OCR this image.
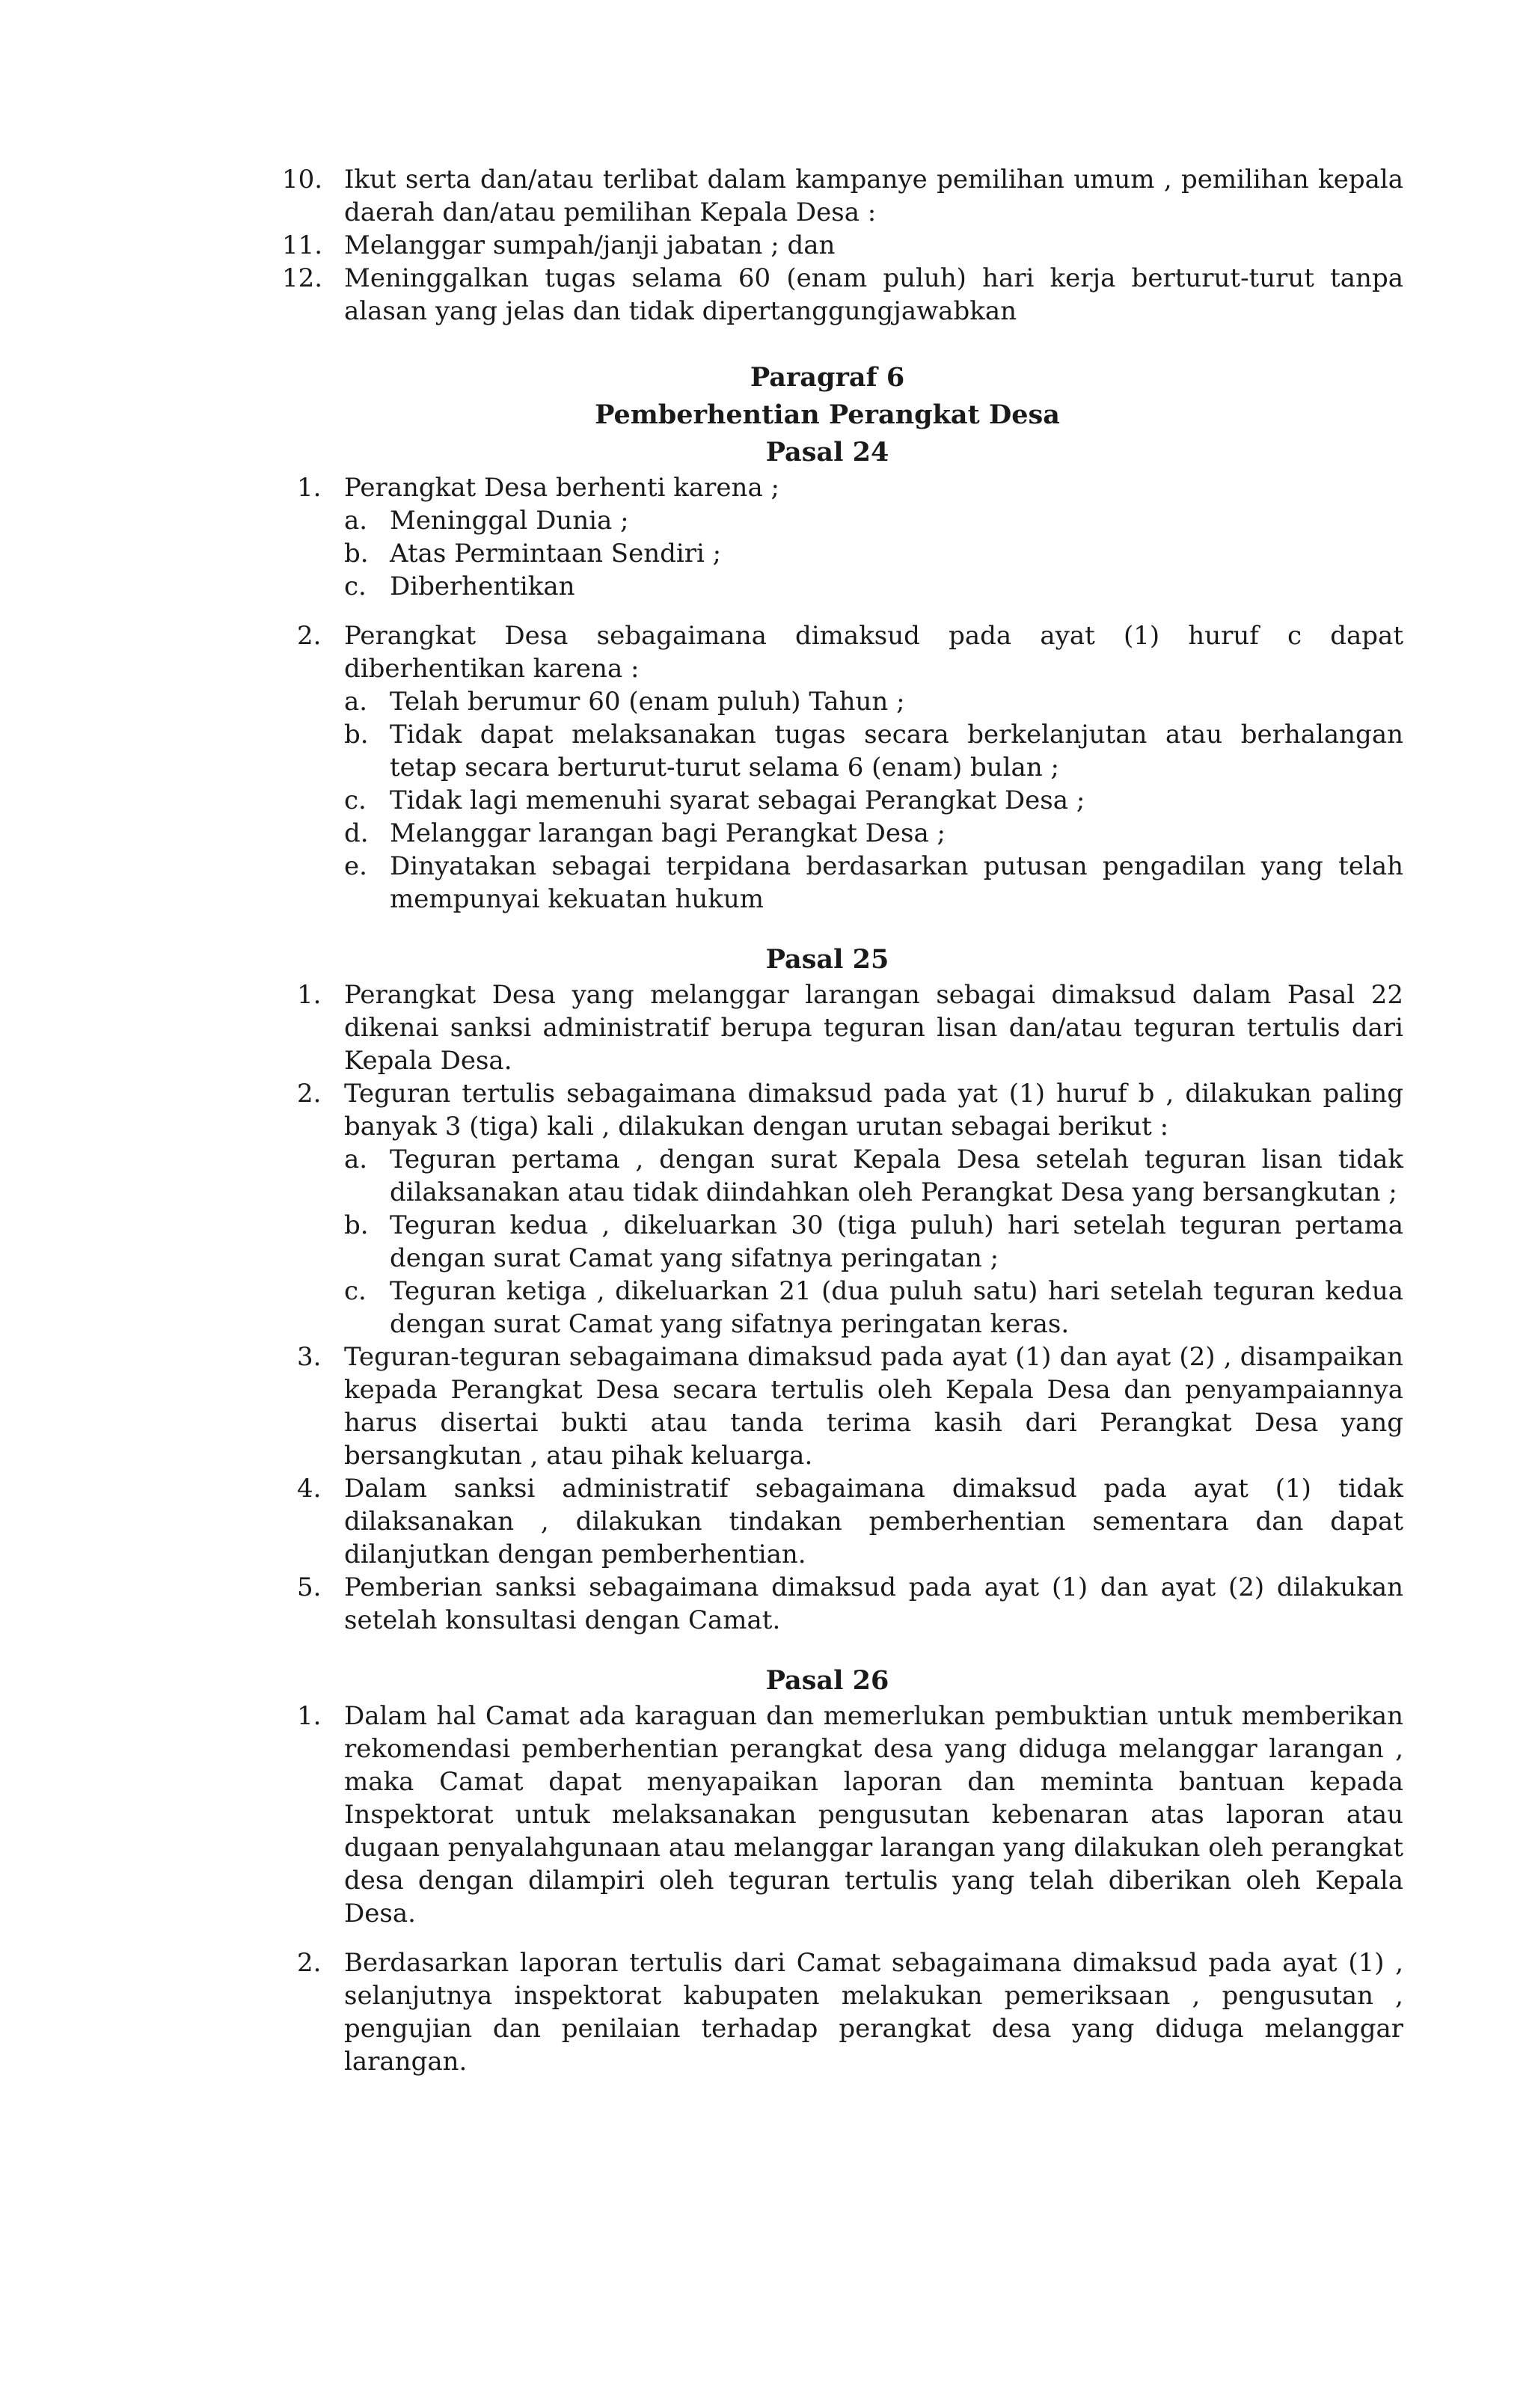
10. Ikut serta dan/atau terlibat dalam kampanye pemilihan umum , pemilihan kepala daerah dan/atau pemilihan Kepala Desa :
11. Melanggar sumpah/janji jabatan ; dan
12. Meninggalkan tugas selama 60 (enam puluh) hari kerja berturut-turut tanpa alasan yang jelas dan tidak dipertanggungjawabkan
Paragraf 6
Pemberhentian Perangkat Desa
Pasal 24
1. Perangkat Desa berhenti karena ;
a. Meninggal Dunia ;
b. Atas Permintaan Sendiri ;
c. Diberhentikan
2. Perangkat Desa sebagaimana dimaksud pada ayat (1) huruf c dapat diberhentikan karena :
a. Telah berumur 60 (enam puluh) Tahun ;
b. Tidak dapat melaksanakan tugas secara berkelanjutan atau berhalangan tetap secara berturut-turut selama 6 (enam) bulan ;
c. Tidak lagi memenuhi syarat sebagai Perangkat Desa ;
d. Melanggar larangan bagi Perangkat Desa ;
e. Dinyatakan sebagai terpidana berdasarkan putusan pengadilan yang telah mempunyai kekuatan hukum
Pasal 25
1. Perangkat Desa yang melanggar larangan sebagai dimaksud dalam Pasal 22 dikenai sanksi administratif berupa teguran lisan dan/atau teguran tertulis dari Kepala Desa.
2. Teguran tertulis sebagaimana dimaksud pada yat (1) huruf b , dilakukan paling banyak 3 (tiga) kali , dilakukan dengan urutan sebagai berikut :
a. Teguran pertama , dengan surat Kepala Desa setelah teguran lisan tidak dilaksanakan atau tidak diindahkan oleh Perangkat Desa yang bersangkutan ;
b. Teguran kedua , dikeluarkan 30 (tiga puluh) hari setelah teguran pertama dengan surat Camat yang sifatnya peringatan ;
c. Teguran ketiga , dikeluarkan 21 (dua puluh satu) hari setelah teguran kedua dengan surat Camat yang sifatnya peringatan keras.
3. Teguran-teguran sebagaimana dimaksud pada ayat (1) dan ayat (2) , disampaikan kepada Perangkat Desa secara tertulis oleh Kepala Desa dan penyampaiannya harus disertai bukti atau tanda terima kasih dari Perangkat Desa yang bersangkutan , atau pihak keluarga.
4. Dalam sanksi administratif sebagaimana dimaksud pada ayat (1) tidak dilaksanakan , dilakukan tindakan pemberhentian sementara dan dapat dilanjutkan dengan pemberhentian.
5. Pemberian sanksi sebagaimana dimaksud pada ayat (1) dan ayat (2) dilakukan setelah konsultasi dengan Camat.
Pasal 26
1. Dalam hal Camat ada karaguan dan memerlukan pembuktian untuk memberikan rekomendasi pemberhentian perangkat desa yang diduga melanggar larangan , maka Camat dapat menyapaikan laporan dan meminta bantuan kepada Inspektorat untuk melaksanakan pengusutan kebenaran atas laporan atau dugaan penyalahgunaan atau melanggar larangan yang dilakukan oleh perangkat desa dengan dilampiri oleh teguran tertulis yang telah diberikan oleh Kepala Desa.
2. Berdasarkan laporan tertulis dari Camat sebagaimana dimaksud pada ayat (1) , selanjutnya inspektorat kabupaten melakukan pemeriksaan , pengusutan , pengujian dan penilaian terhadap perangkat desa yang diduga melanggar larangan.
